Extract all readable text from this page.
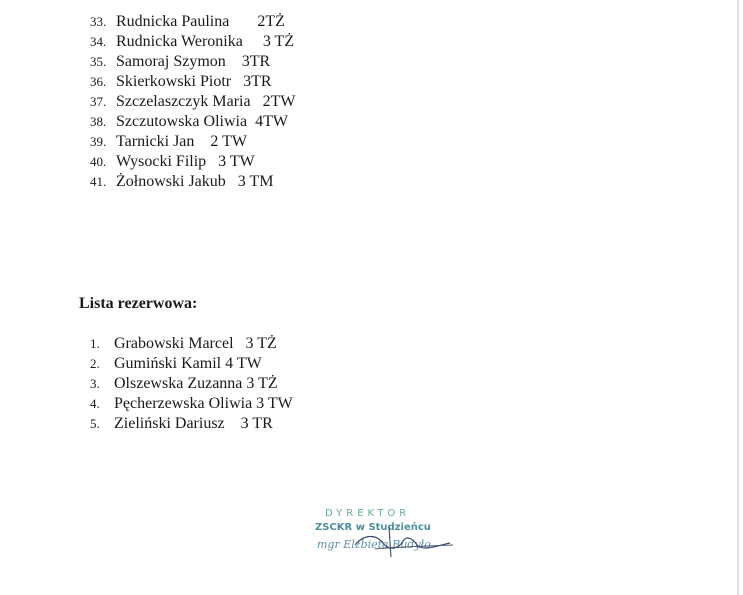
33. Rudnicka Paulina       2TŻ
34. Rudnicka Weronika     3 TŻ
35. Samoraj Szymon    3TR
36. Skierkowski Piotr   3TR
37. Szczelaszczyk Maria   2TW
38. Szczutowska Oliwia  4TW
39. Tarnicki Jan    2 TW
40. Wysocki Filip   3 TW
41. Żołnowski Jakub   3 TM
Lista rezerwowa:
1. Grabowski Marcel   3 TŻ
2. Gumiński Kamil 4 TW
3. Olszewska Zuzanna 3 TŻ
4. Pęcherzewska Oliwia 3 TW
5. Zieliński Dariusz    3 TR
DYREKTOR
ZSCKR w Studzieńcu
mgr Elżbieta Budyło
